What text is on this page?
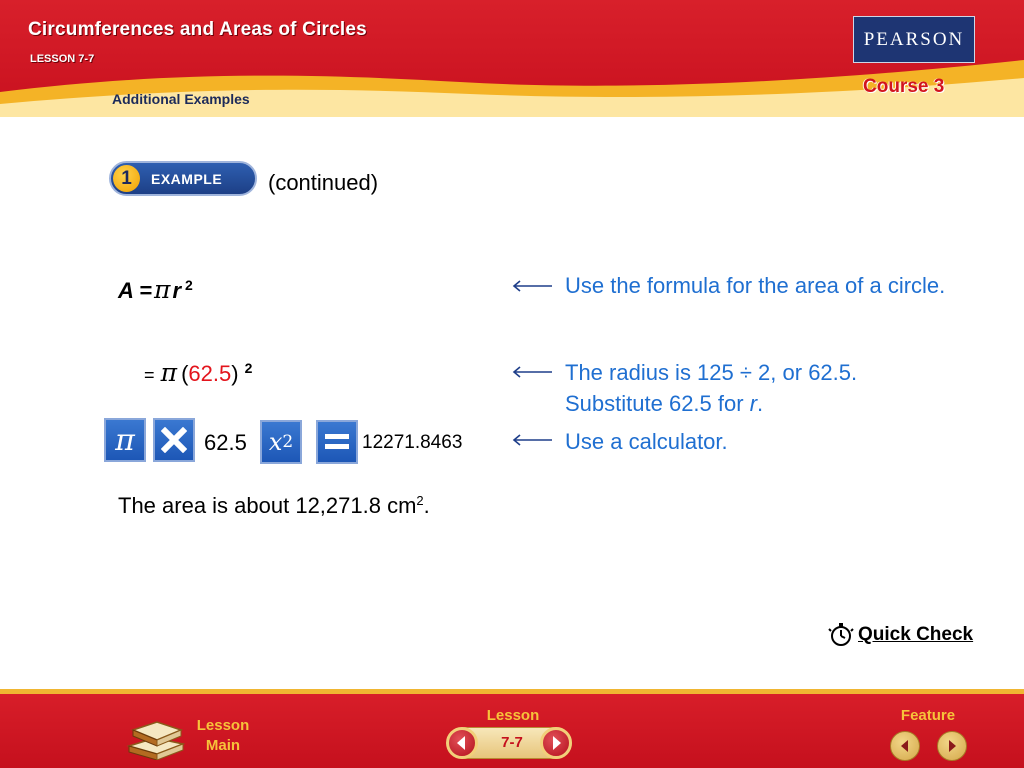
Circumferences and Areas of Circles
LESSON 7-7
Additional Examples
PEARSON
Course 3
1	EXAMPLE (continued)
A =πr $^2$
= π (62.5) $^2$
π	62.5 x 2	12271.8463
The area is about 12,271.8 $cm^2$.
Use the formula for the area of a circle.
The radius is 125 ÷ 2, or 62.5. Substitute 62.5 for r.
Use a calculator.
Quick Check
Lesson
Main
Lesson
7-7
Feature
